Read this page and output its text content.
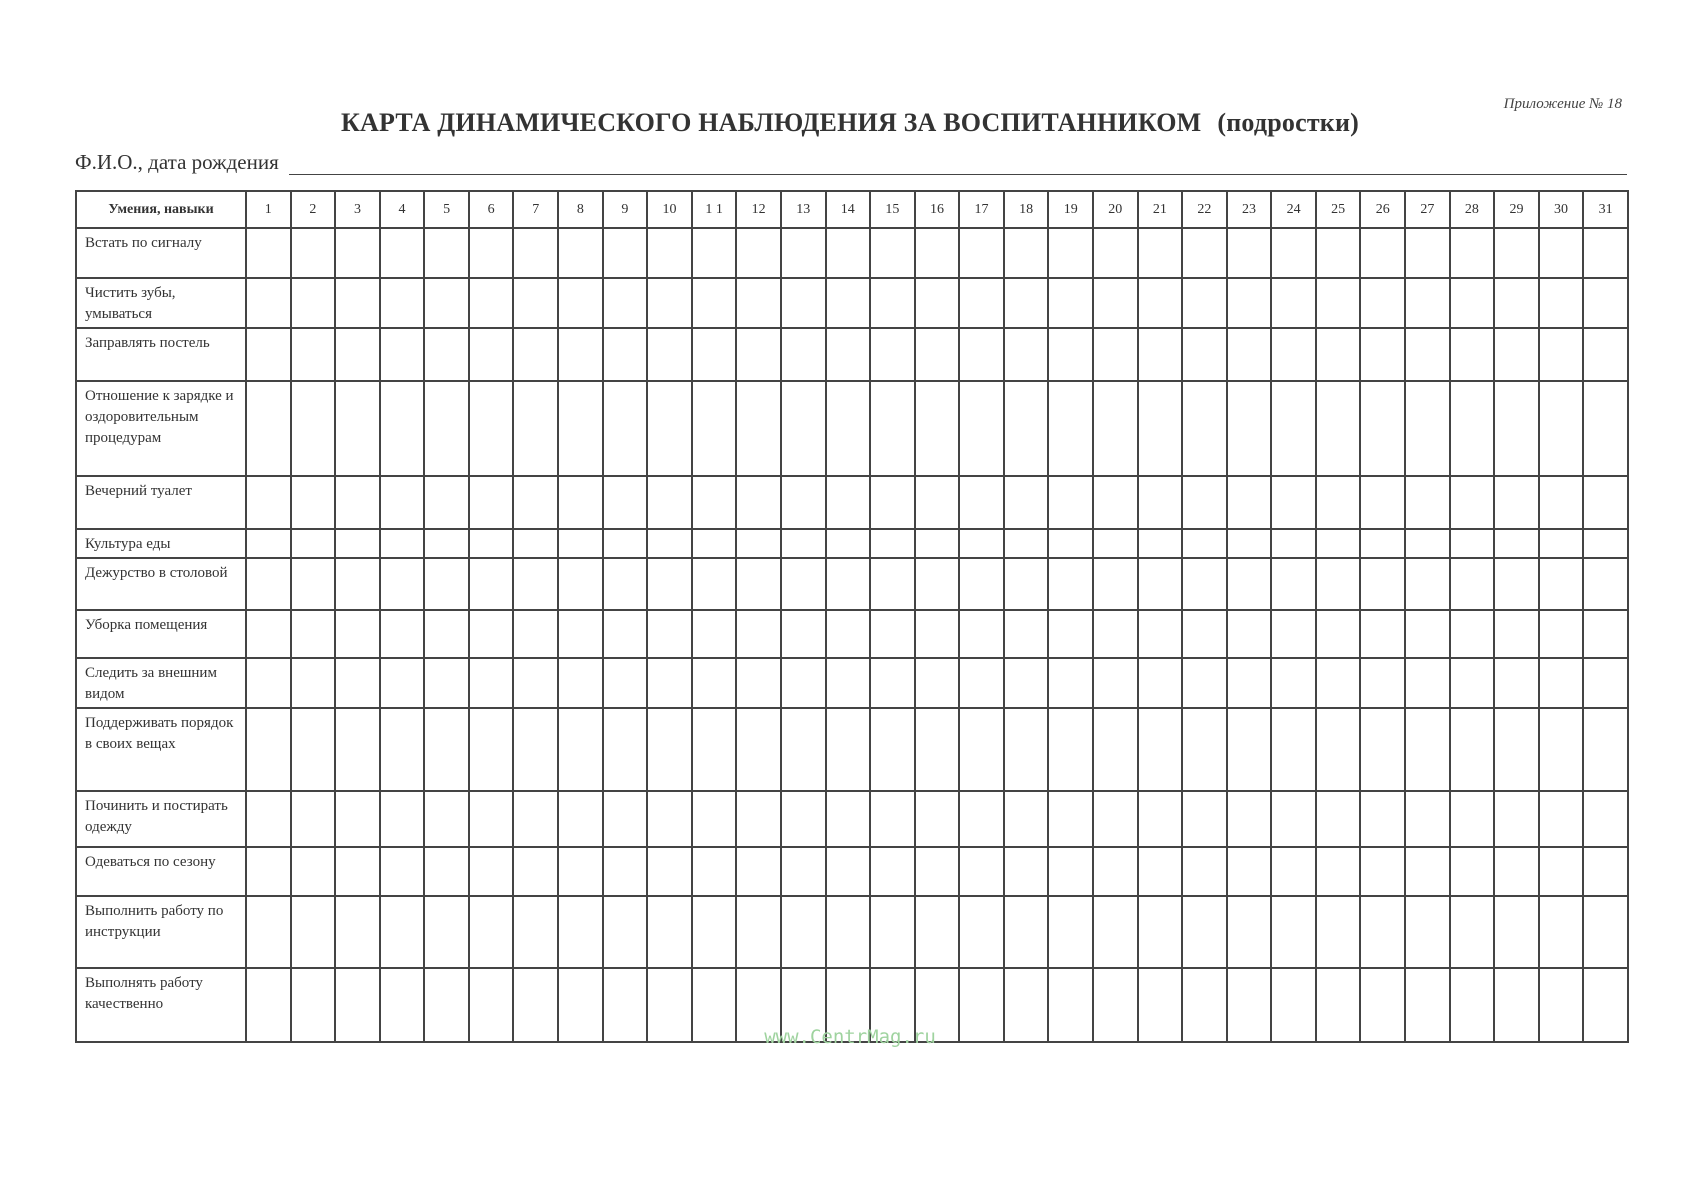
Приложение № 18
КАРТА ДИНАМИЧЕСКОГО НАБЛЮДЕНИЯ ЗА ВОСПИТАННИКОМ (подростки)
Ф.И.О., дата рождения
Умения, навыки	1	2	3	4	5	6	7	8	9	10	1 1	12	13	14	15	16	17	18	19	20	21	22	23	24	25	26	27	28	29	30	31
Встать по сигналу																															
Чистить зубы, умываться																															
Заправлять постель																															
Отношение к зарядке и оздоровительным процедурам																															
Вечерний туалет																															
Культура еды																															
Дежурство в столовой																															
Уборка помещения																															
Следить за внешним видом																															
Поддерживать порядок в своих вещах																															
Починить и постирать одежду																															
Одеваться по сезону																															
Выполнить работу по инструкции																															
Выполнять работу качественно																															
www.CentrMag.ru
